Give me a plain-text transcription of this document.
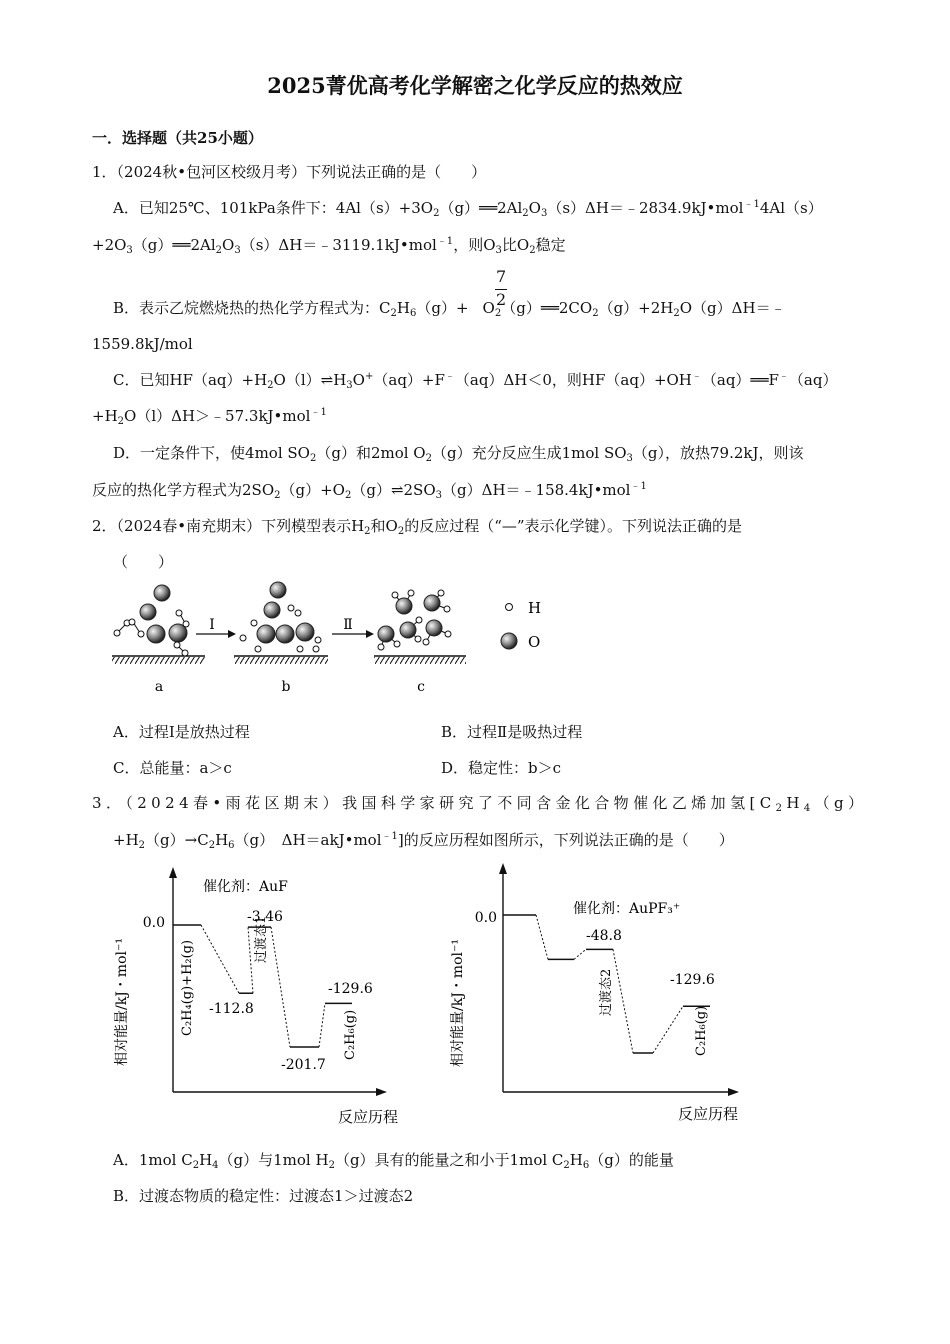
2025菁优高考化学解密之化学反应的热效应
一．选择题（共25小题）
1．（2024秋•包河区校级月考）下列说法正确的是（　　）
A．已知25℃、101kPa条件下：$4Al(s)+3O_2(g)══2Al_2O_3(s)\Delta H=﹣2834.9kJ•mol^{﹣1}4Al(s)$
$+2O_3(g)══2Al_2O_3(s)\Delta H=﹣3119.1kJ•mol^{﹣1}$，则$O_3$比$O_2$稳定
7
2
B．表示乙烷燃烧热的热化学方程式为：$C_2H_6(g)+$ $O_2(g)══2CO_2(g)+2H_2O(g)\Delta H=﹣$
1559.8kJ/mol
C．已知$HF(aq)+H_2O(l)\rightleftharpoons H_3O^+(aq)+F^﹣(aq)\Delta H<0$，则HF（aq）+OH﹣（aq）══F﹣（aq）
$+H_2O(l)\Delta H>﹣57.3kJ•mol^{﹣1}$
D．一定条件下，使4mol $SO_2(g)$和2mol $O_2(g)$充分反应生成1mol $SO_3(g)$，放热79.2kJ，则该
反应的热化学方程式为$2SO_2(g)+O_2(g)\rightleftharpoons 2SO_3(g)\Delta H=﹣158.4kJ•mol^{﹣1}$
2．（2024春•南充期末）下列模型表示$H_2$和$O_2$的反应过程（“—”表示化学键）。下列说法正确的是
（　　）
a
Ⅰ
b
Ⅱ
c
H
O
A．过程Ⅰ是放热过程	B．过程Ⅱ是吸热过程
C．总能量：a＞c	D．稳定性：b＞c
3．（2024春•雨花区期末）我国科学家研究了不同含金化合物催化乙烯加氢[$C_2H_4(g)$
$+H_2(g)\to C_2H_6(g)$　ΔH＝akJ•mol$^{﹣1}$]的反应历程如图所示，下列说法正确的是（　　）
相对能量/kJ・mol⁻¹
反应历程
催化剂：AuF
0.0
C₂H₄(g)+H₂(g)
过渡态1
C₂H₆(g)
-112.8
-3.46
-201.7
-129.6	相对能量/kJ・mol⁻¹
反应历程
催化剂：AuPF₃⁺
0.0
过渡态2
C₂H₆(g)
-48.8
-129.6
A．1mol $C_2H_4(g)$与1mol $H_2(g)$具有的能量之和小于1mol $C_2H_6(g)$的能量
B．过渡态物质的稳定性：过渡态1＞过渡态2
